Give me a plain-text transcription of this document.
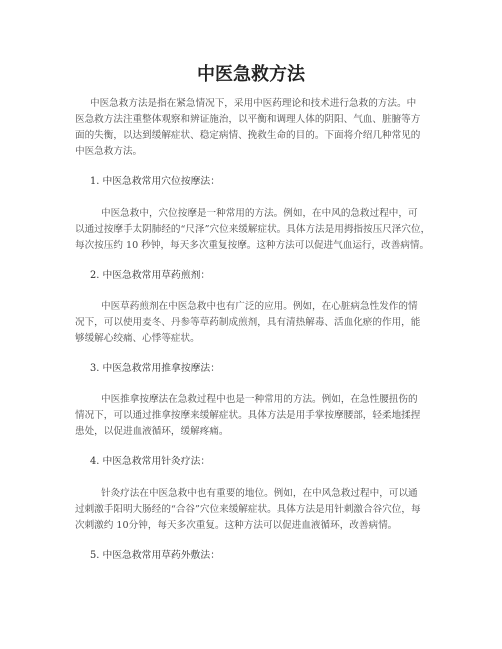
中医急救方法
中医急救方法是指在紧急情况下，采用中医药理论和技术进行急救的方法。中
医急救方法注重整体观察和辨证施治，以平衡和调理人体的阴阳、气血、脏腑等方
面的失衡，以达到缓解症状、稳定病情、挽救生命的目的。下面将介绍几种常见的
中医急救方法。
1. 中医急救常用穴位按摩法：
中医急救中，穴位按摩是一种常用的方法。例如，在中风的急救过程中，可
以通过按摩手太阴肺经的“尺泽”穴位来缓解症状。具体方法是用拇指按压尺泽穴位，
每次按压约 10 秒钟，每天多次重复按摩。这种方法可以促进气血运行，改善病情。
2. 中医急救常用草药煎剂：
中医草药煎剂在中医急救中也有广泛的应用。例如，在心脏病急性发作的情
况下，可以使用麦冬、丹参等草药制成煎剂，具有清热解毒、活血化瘀的作用，能
够缓解心绞痛、心悸等症状。
3. 中医急救常用推拿按摩法：
中医推拿按摩法在急救过程中也是一种常用的方法。例如，在急性腰扭伤的
情况下，可以通过推拿按摩来缓解症状。具体方法是用手掌按摩腰部，轻柔地揉捏
患处，以促进血液循环，缓解疼痛。
4. 中医急救常用针灸疗法：
针灸疗法在中医急救中也有重要的地位。例如，在中风急救过程中，可以通
过刺激手阳明大肠经的“合谷”穴位来缓解症状。具体方法是用针刺激合谷穴位，每
次刺激约 10分钟，每天多次重复。这种方法可以促进血液循环，改善病情。
5. 中医急救常用草药外敷法：
